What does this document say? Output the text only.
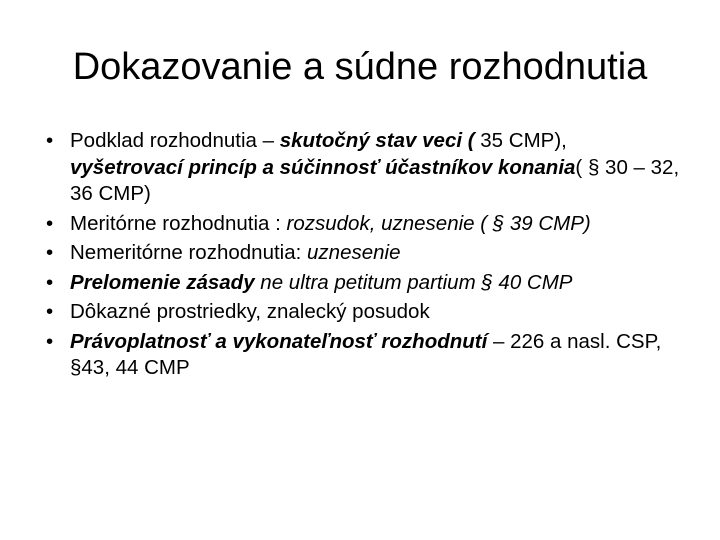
Dokazovanie a súdne rozhodnutia
• Podklad rozhodnutia – skutočný stav veci ( 35 CMP), vyšetrovací princíp a súčinnosť účastníkov konania( § 30 – 32, 36 CMP)
• Meritórne rozhodnutia : rozsudok, uznesenie ( § 39 CMP)
• Nemeritórne rozhodnutia: uznesenie
• Prelomenie zásady ne ultra petitum partium § 40 CMP
• Dôkazné prostriedky, znalecký posudok
• Právoplatnosť a vykonateľnosť rozhodnutí – 226 a nasl. CSP, §43, 44 CMP
